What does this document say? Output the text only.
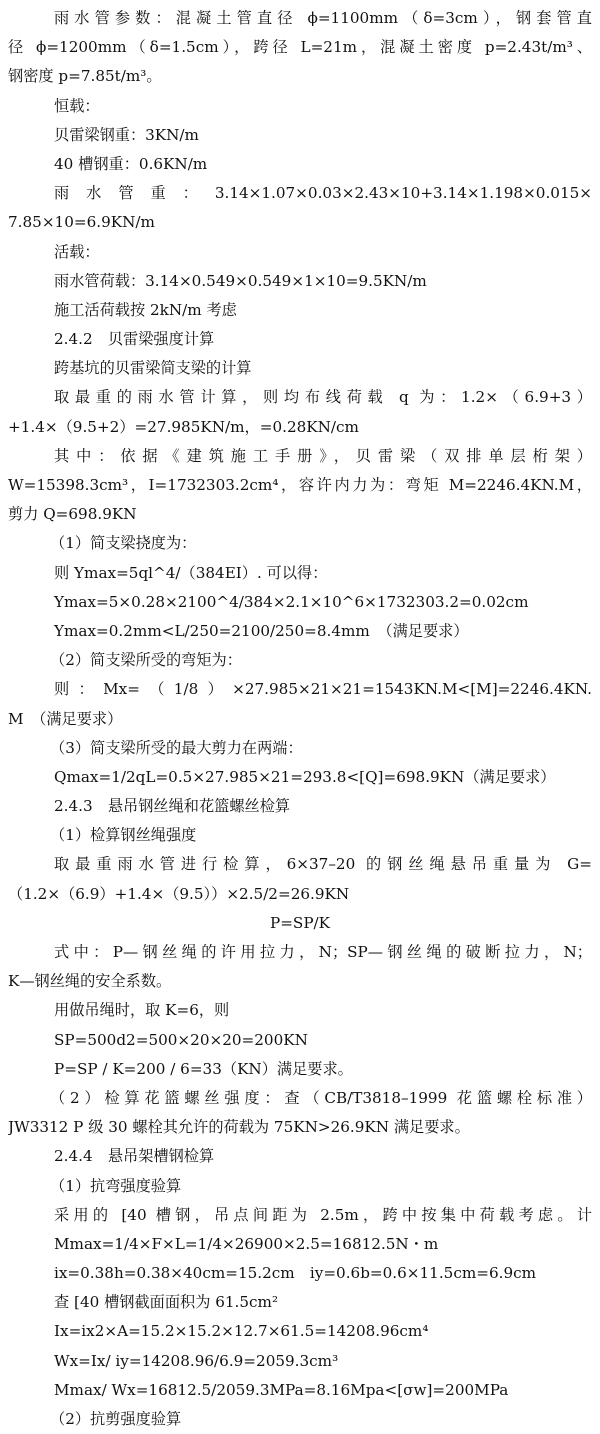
雨水管参数：混凝土管直径 ϕ=1100mm（δ=3cm），钢套管直
径 ϕ=1200mm（δ=1.5cm），跨径 L=21m，混凝土密度 p=2.43t/m³、
钢密度 p=7.85t/m³。
恒载：
贝雷梁钢重：3KN/m
40 槽钢重：0.6KN/m
雨水管重：3.14×1.07×0.03×2.43×10+3.14×1.198×0.015×
7.85×10=6.9KN/m
活载：
雨水管荷载：3.14×0.549×0.549×1×10=9.5KN/m
施工活荷载按 2kN/m 考虑
2.4.2　贝雷梁强度计算
跨基坑的贝雷梁简支梁的计算
取最重的雨水管计算，则均布线荷载 q 为：1.2×（6.9+3）
+1.4×（9.5+2）=27.985KN/m，=0.28KN/cm
其中：依据《建筑施工手册》，贝雷梁（双排单层桁架）
W=15398.3cm³，I=1732303.2cm⁴，容许内力为：弯矩 M=2246.4KN.M，
剪力 Q=698.9KN
（1）简支梁挠度为：
则 Ymax=5ql^4/（384EI）. 可以得：
Ymax=5×0.28×2100^4/384×2.1×10^6×1732303.2=0.02cm
Ymax=0.2mm<L/250=2100/250=8.4mm　（满足要求）
（2）简支梁所受的弯矩为：
则：Mx=（1/8）×27.985×21×21=1543KN.M<[M]=2246.4KN.
M　（满足要求）
（3）简支梁所受的最大剪力在两端：
Qmax=1/2qL=0.5×27.985×21=293.8<[Q]=698.9KN（满足要求）
2.4.3　悬吊钢丝绳和花篮螺丝检算
（1）检算钢丝绳强度
取最重雨水管进行检算，6×37–20 的钢丝绳悬吊重量为 G=
（1.2×（6.9）+1.4×（9.5））×2.5/2=26.9KN
P=SP/K
式中：P—钢丝绳的许用拉力，N；SP—钢丝绳的破断拉力，N；
K—钢丝绳的安全系数。
用做吊绳时，取 K=6，则
SP=500d2=500×20×20=200KN
P=SP / K=200 / 6=33（KN）满足要求。
（2）检算花篮螺丝强度：查（CB/T3818–1999 花篮螺栓标准）
JW3312 P 级 30 螺栓其允许的荷载为 75KN>26.9KN 满足要求。
2.4.4　悬吊架槽钢检算
（1）抗弯强度验算
采用的 [40 槽钢，吊点间距为 2.5m，跨中按集中荷载考虑。计
Mmax=1/4×F×L=1/4×26900×2.5=16812.5N・m
ix=0.38h=0.38×40cm=15.2cm　iy=0.6b=0.6×11.5cm=6.9cm
查 [40 槽钢截面面积为 61.5cm²
Ix=ix2×A=15.2×15.2×12.7×61.5=14208.96cm⁴
Wx=Ix/ iy=14208.96/6.9=2059.3cm³
Mmax/ Wx=16812.5/2059.3MPa=8.16Mpa<[σw]=200MPa
（2）抗剪强度验算
